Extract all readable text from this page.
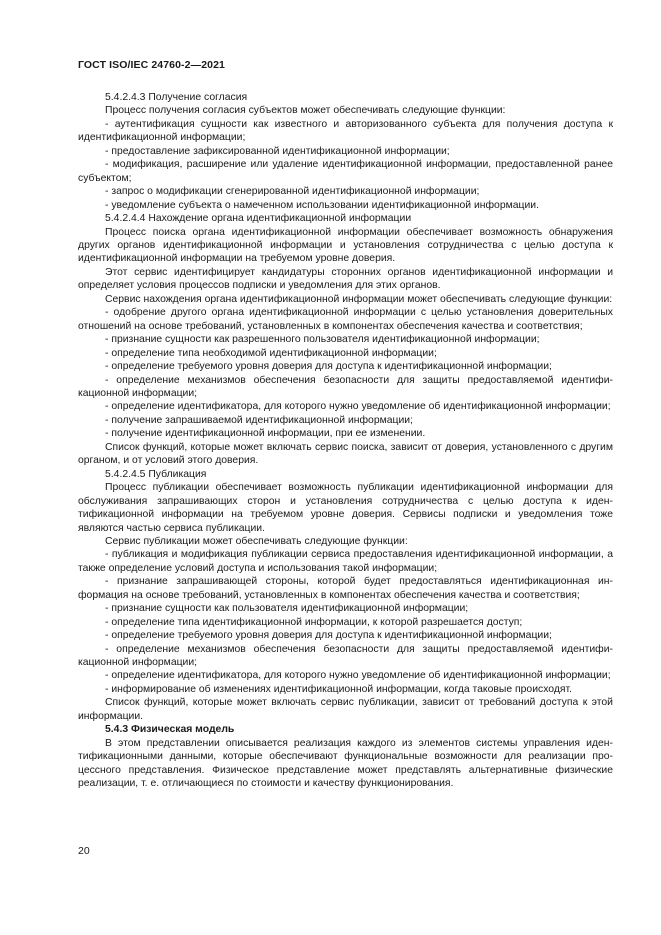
ГОСТ ISO/IEC 24760-2—2021

5.4.2.4.3 Получение согласия

Процесс получения согласия субъектов может обеспечивать следующие функции:

- аутентификация сущности как известного и авторизованного субъекта для получения доступа к идентификационной информации;

- предоставление зафиксированной идентификационной информации;

- модификация, расширение или удаление идентификационной информации, предоставленной ранее субъектом;

- запрос о модификации сгенерированной идентификационной информации;

- уведомление субъекта о намеченном использовании идентификационной информации.

5.4.2.4.4 Нахождение органа идентификационной информации

Процесс поиска органа идентификационной информации обеспечивает возможность обнаружения других органов идентификационной информации и установления сотрудничества с целью доступа к идентификационной информации на требуемом уровне доверия.

Этот сервис идентифицирует кандидатуры сторонних органов идентификационной информации и определяет условия процессов подписки и уведомления для этих органов.

Сервис нахождения органа идентификационной информации может обеспечивать следующие функции:

- одобрение другого органа идентификационной информации с целью установления доверительных отношений на основе требований, установленных в компонентах обеспечения качества и соответствия;

- признание сущности как разрешенного пользователя идентификационной информации;

- определение типа необходимой идентификационной информации;

- определение требуемого уровня доверия для доступа к идентификационной информации;

- определение механизмов обеспечения безопасности для защиты предоставляемой идентификационной информации;

- определение идентификатора, для которого нужно уведомление об идентификационной информации;

- получение запрашиваемой идентификационной информации;

- получение идентификационной информации, при ее изменении.

Список функций, которые может включать сервис поиска, зависит от доверия, установленного с другим органом, и от условий этого доверия.

5.4.2.4.5 Публикация

Процесс публикации обеспечивает возможность публикации идентификационной информации для обслуживания запрашивающих сторон и установления сотрудничества с целью доступа к идентификационной информации на требуемом уровне доверия. Сервисы подписки и уведомления тоже являются частью сервиса публикации.

Сервис публикации может обеспечивать следующие функции:

- публикация и модификация публикации сервиса предоставления идентификационной информации, а также определение условий доступа и использования такой информации;

- признание запрашивающей стороны, которой будет предоставляться идентификационная информация на основе требований, установленных в компонентах обеспечения качества и соответствия;

- признание сущности как пользователя идентификационной информации;

- определение типа идентификационной информации, к которой разрешается доступ;

- определение требуемого уровня доверия для доступа к идентификационной информации;

- определение механизмов обеспечения безопасности для защиты предоставляемой идентификационной информации;

- определение идентификатора, для которого нужно уведомление об идентификационной информации;

- информирование об изменениях идентификационной информации, когда таковые происходят.

Список функций, которые может включать сервис публикации, зависит от требований доступа к этой информации.

5.4.3 Физическая модель

В этом представлении описывается реализация каждого из элементов системы управления идентификационными данными, которые обеспечивают функциональные возможности для реализации процессного представления. Физическое представление может представлять альтернативные физические реализации, т. е. отличающиеся по стоимости и качеству функционирования.

20
